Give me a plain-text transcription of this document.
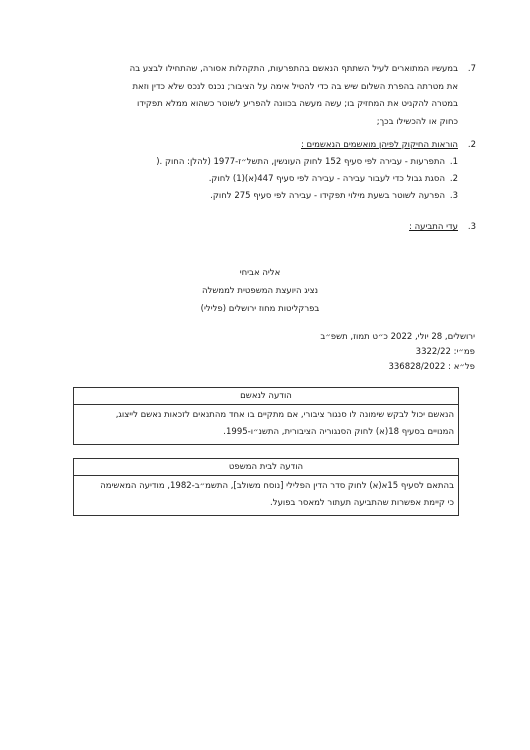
7.
במעשיו המתוארים לעיל השתתף הנאשם בהתפרעות, התקהלות אסורה, שהתחילו לבצע בה
את מטרתה בהפרת השלום שיש בה כדי להטיל אימה על הציבור; נכנס לנכס שלא כדין וזאת
במטרה להקניט את המחזיק בו; עשה מעשה בכוונה להפריע לשוטר כשהוא ממלא תפקידו
כחוק או להכשילו בכך;
2.
הוראות החיקוק לפיהן מואשמים הנאשמים :
1.
התפרעות - עבירה לפי סעיף 152 לחוק העונשין, התשל״ז-1977 (להלן: החוק .(
2.
הסגת גבול כדי לעבור עבירה - עבירה לפי סעיף 447(א)(1) לחוק.
3.
הפרעה לשוטר בשעת מילוי תפקידו - עבירה לפי סעיף 275 לחוק.
3.
עדי התביעה :
אליה אביחי
נציג היועצת המשפטית לממשלה
בפרקליטות מחוז ירושלים (פלילי)
ירושלים, 28 יולי, 2022 כ״ט תמוז, תשפ״ב
פמ״י: 3322/22
פל״א : 336828/2022
הודעה לנאשם
הנאשם יכול לבקש שימונה לו סנגור ציבורי, אם מתקיים בו אחד מהתנאים לזכאות נאשם לייצוג,
המנויים בסעיף 18(א) לחוק הסנגוריה הציבורית, התשנ״ו-1995.
הודעה לבית המשפט
בהתאם לסעיף 15א(א) לחוק סדר הדין הפלילי [נוסח משולב], התשמ״ב-1982, מודיעה המאשימה
כי קיימת אפשרות שהתביעה תעתור למאסר בפועל.
